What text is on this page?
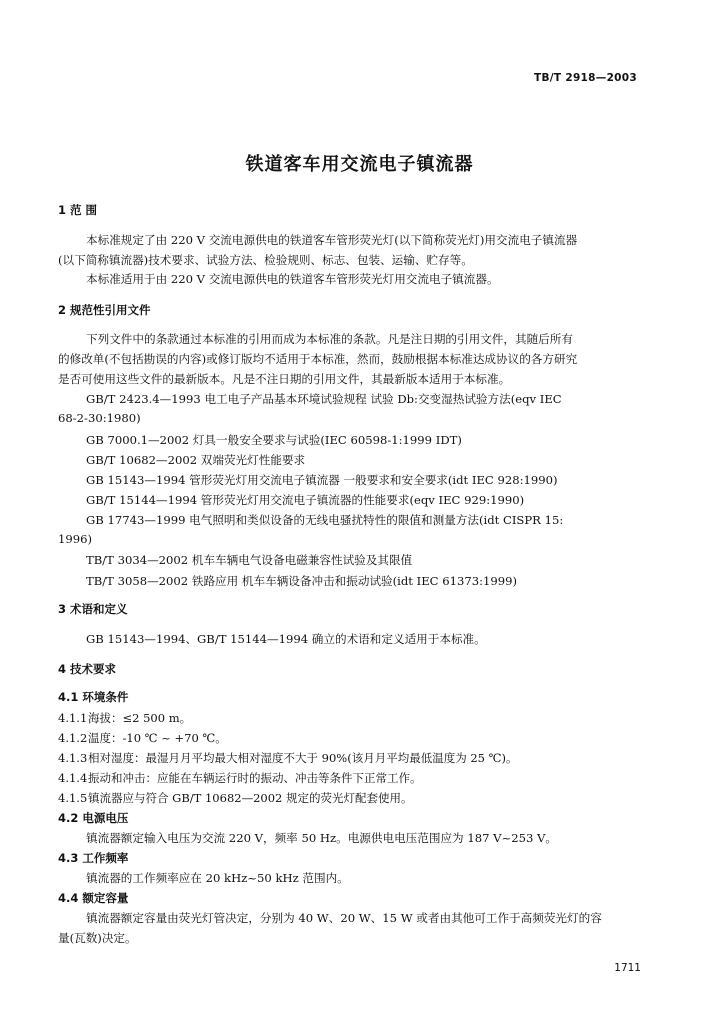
TB/T 2918—2003
铁道客车用交流电子镇流器
1 范 围
本标准规定了由 220 V 交流电源供电的铁道客车管形荧光灯(以下简称荧光灯)用交流电子镇流器
(以下简称镇流器)技术要求、试验方法、检验规则、标志、包装、运输、贮存等。
本标准适用于由 220 V 交流电源供电的铁道客车管形荧光灯用交流电子镇流器。
2 规范性引用文件
下列文件中的条款通过本标准的引用而成为本标准的条款。凡是注日期的引用文件，其随后所有
的修改单(不包括勘误的内容)或修订版均不适用于本标准，然而，鼓励根据本标准达成协议的各方研究
是否可使用这些文件的最新版本。凡是不注日期的引用文件，其最新版本适用于本标准。
GB/T 2423.4—1993 电工电子产品基本环境试验规程 试验 Db:交变湿热试验方法(eqv IEC
68-2-30:1980)
GB 7000.1—2002 灯具一般安全要求与试验(IEC 60598-1:1999 IDT)
GB/T 10682—2002 双端荧光灯性能要求
GB 15143—1994 管形荧光灯用交流电子镇流器 一般要求和安全要求(idt IEC 928:1990)
GB/T 15144—1994 管形荧光灯用交流电子镇流器的性能要求(eqv IEC 929:1990)
GB 17743—1999 电气照明和类似设备的无线电骚扰特性的限值和测量方法(idt CISPR 15:
1996)
TB/T 3034—2002 机车车辆电气设备电磁兼容性试验及其限值
TB/T 3058—2002 铁路应用 机车车辆设备冲击和振动试验(idt IEC 61373:1999)
3 术语和定义
GB 15143—1994、GB/T 15144—1994 确立的术语和定义适用于本标准。
4 技术要求
4.1 环境条件
4.1.1海拔：≤2 500 m。
4.1.2温度：-10 ℃ ~ +70 ℃。
4.1.3相对湿度：最湿月月平均最大相对湿度不大于 90%(该月月平均最低温度为 25 ℃)。
4.1.4振动和冲击：应能在车辆运行时的振动、冲击等条件下正常工作。
4.1.5镇流器应与符合 GB/T 10682—2002 规定的荧光灯配套使用。
4.2 电源电压
镇流器额定输入电压为交流 220 V，频率 50 Hz。电源供电电压范围应为 187 V~253 V。
4.3 工作频率
镇流器的工作频率应在 20 kHz~50 kHz 范围内。
4.4 额定容量
镇流器额定容量由荧光灯管决定，分别为 40 W、20 W、15 W 或者由其他可工作于高频荧光灯的容
量(瓦数)决定。
1711
